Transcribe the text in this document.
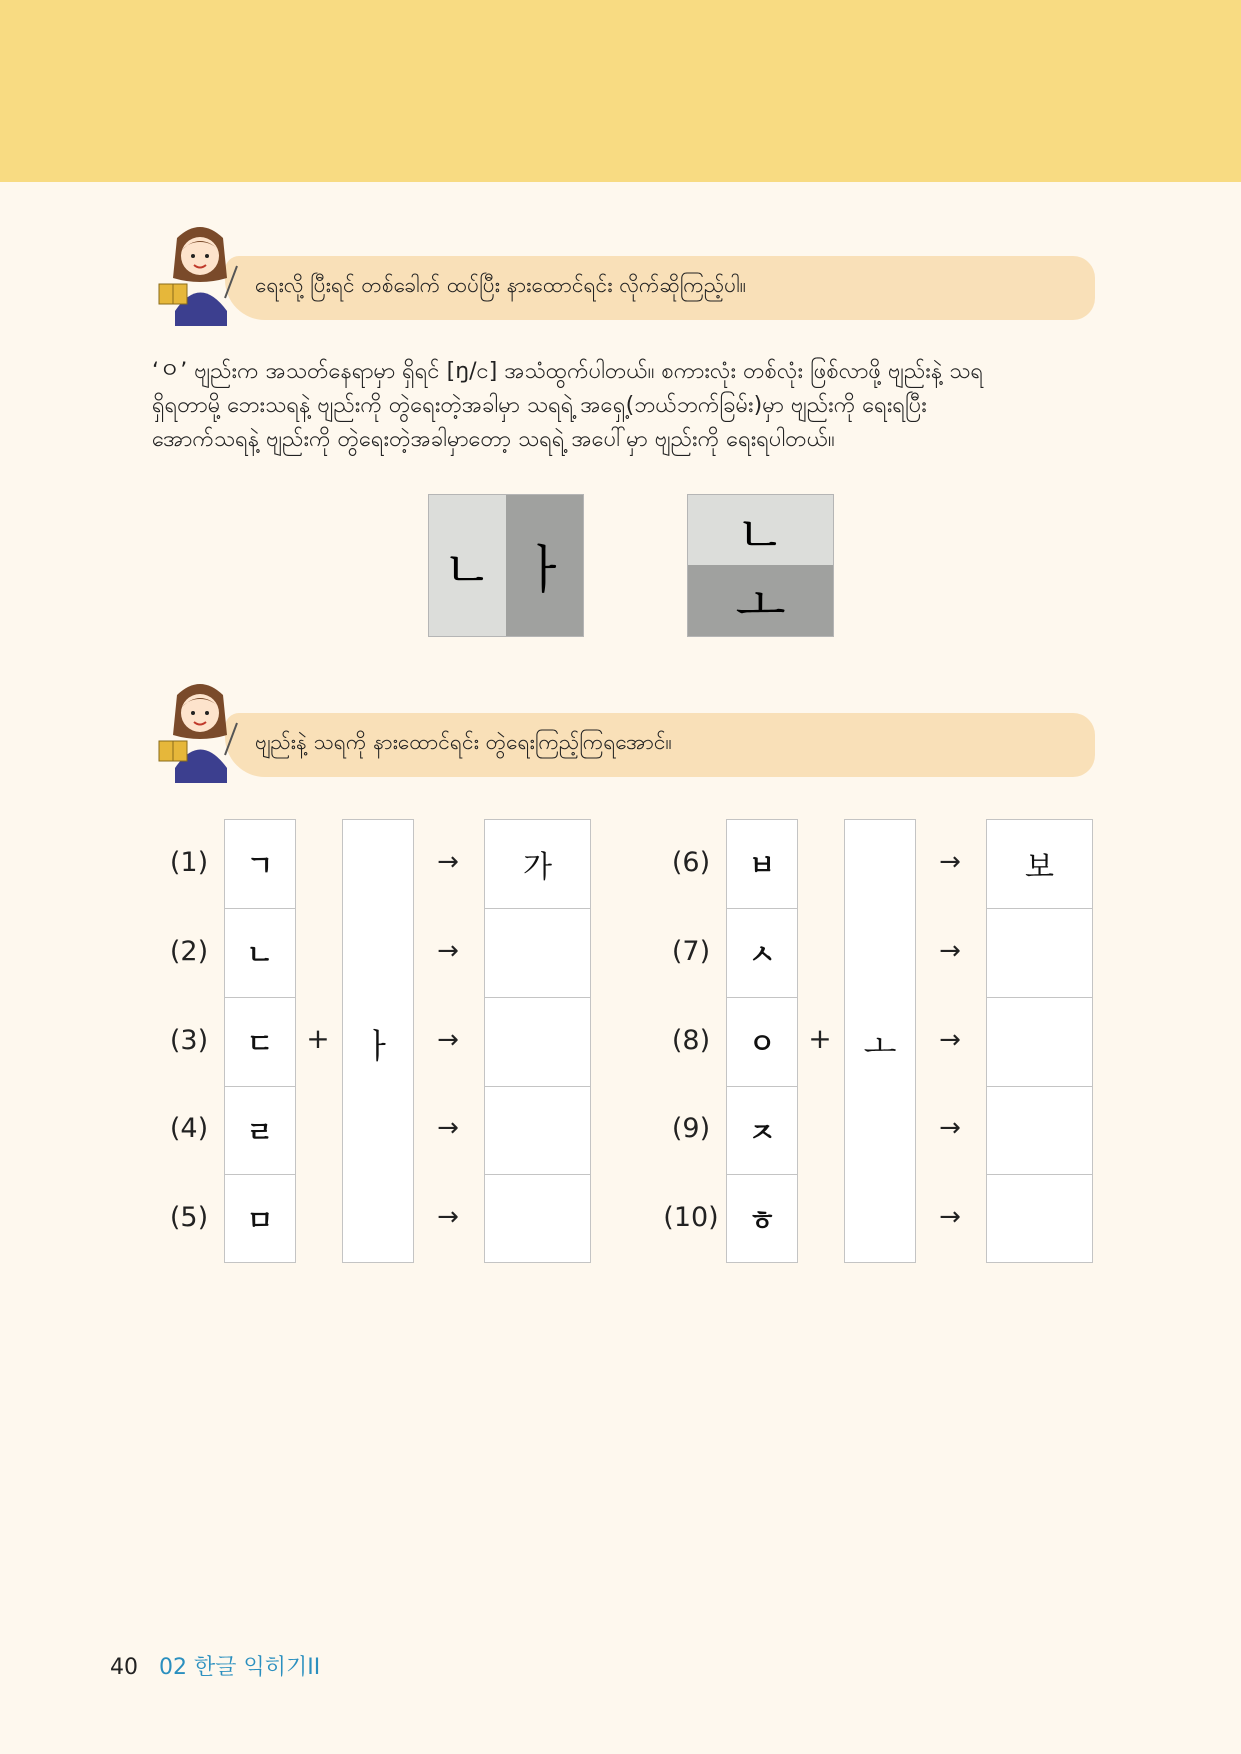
ရေးလို့ ပြီးရင် တစ်ခေါက် ထပ်ပြီး နားထောင်ရင်း လိုက်ဆိုကြည့်ပါ။
‘ㅇ’ ဗျည်းက အသတ်နေရာမှာ ရှိရင် [ŋ/င] အသံထွက်ပါတယ်။ စကားလုံး တစ်လုံး ဖြစ်လာဖို့ ဗျည်းနဲ့ သရ
ရှိရတာမို့ ဘေးသရနဲ့ ဗျည်းကို တွဲရေးတဲ့အခါမှာ သရရဲ့ အရှေ့(ဘယ်ဘက်ခြမ်း)မှာ ဗျည်းကို ရေးရပြီး
အောက်သရနဲ့ ဗျည်းကို တွဲရေးတဲ့အခါမှာတော့ သရရဲ့ အပေါ်မှာ ဗျည်းကို ရေးရပါတယ်။
ㄴ ㅏ
ㄴ
ㅗ
ဗျည်းနဲ့ သရကို နားထောင်ရင်း တွဲရေးကြည့်ကြရအောင်။
(1)
(2)
(3)
(4)
(5)
ㄱ
ㄴ
ㄷ
ㄹ
ㅁ
+ ㅏ
→
→
→
→
→
가	(6)
(7)
(8)
(9)
(10)
ㅂ
ㅅ
ㅇ
ㅈ
ㅎ
+ ㅗ
→
→
→
→
→
보
40 02 한글 익히기II
